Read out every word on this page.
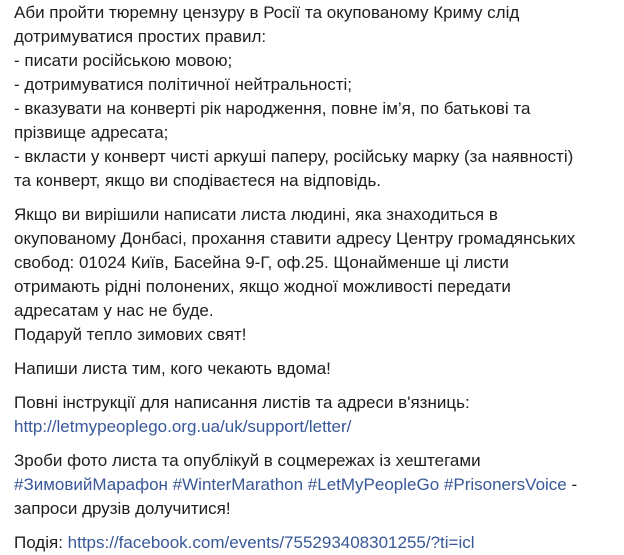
Аби пройти тюремну цензуру в Росії та окупованому Криму слід
дотримуватися простих правил:
- писати російською мовою;
- дотримуватися політичної нейтральності;
- вказувати на конверті рік народження, повне ім’я, по батькові та
прізвище адресата;
- вкласти у конверт чисті аркуші паперу, російську марку (за наявності)
та конверт, якщо ви сподіваєтеся на відповідь.
Якщо ви вирішили написати листа людині, яка знаходиться в
окупованому Донбасі, прохання ставити адресу Центру громадянських
свобод: 01024 Київ, Басейна 9-Г, оф.25. Щонайменше ці листи
отримають рідні полонених, якщо жодної можливості передати
адресатам у нас не буде.
Подаруй тепло зимових свят!
Напиши листа тим, кого чекають вдома!
Повні інструкції для написання листів та адреси в'язниць:
http://letmypeoplego.org.ua/uk/support/letter/
Зроби фото листа та опублікуй в соцмережах із хештегами
#ЗимовийМарафон #WinterMarathon #LetMyPeopleGo #PrisonersVoice -
запроси друзів долучитися!
Подія: https://facebook.com/events/755293408301255/?ti=icl
